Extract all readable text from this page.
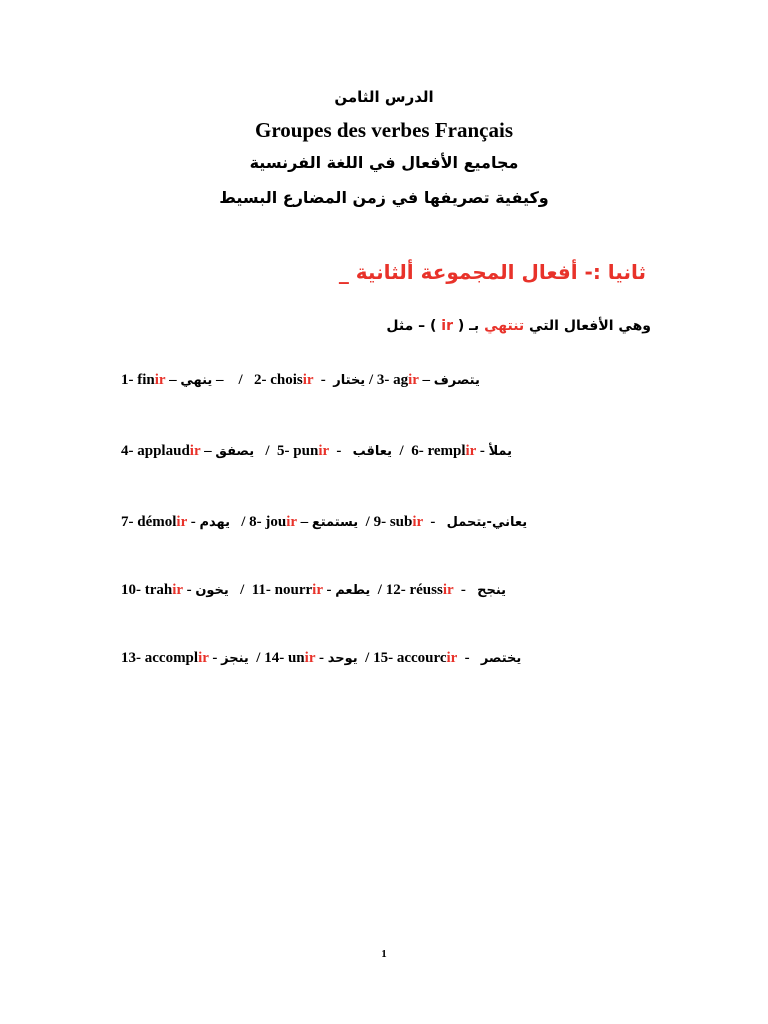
الدرس الثامن
Groupes des verbes Français
مجاميع الأفعال في اللغة الفرنسية
وكيفية تصريفها في زمن المضارع البسيط
ثانيا :- أفعال المجموعة ألثانية _
وهي الأفعال التي تنتهي بـ ( ir ) – مثل
1- finir – ينهي – / 2- choisir - يختار / 3- agir – يتصرف
4- applaudir – يصفق / 5- punir - يعاقب / 6- remplir - يملأ
7- démolir - يهدم / 8- jouir – يستمتع / 9- subir - يعاني-يتحمل
10- trahir - يخون / 11- nourrir - يطعم / 12- réussir - ينجح
13- accomplir - ينجز / 14- unir - يوحد / 15- accourcir - يختصر
1
